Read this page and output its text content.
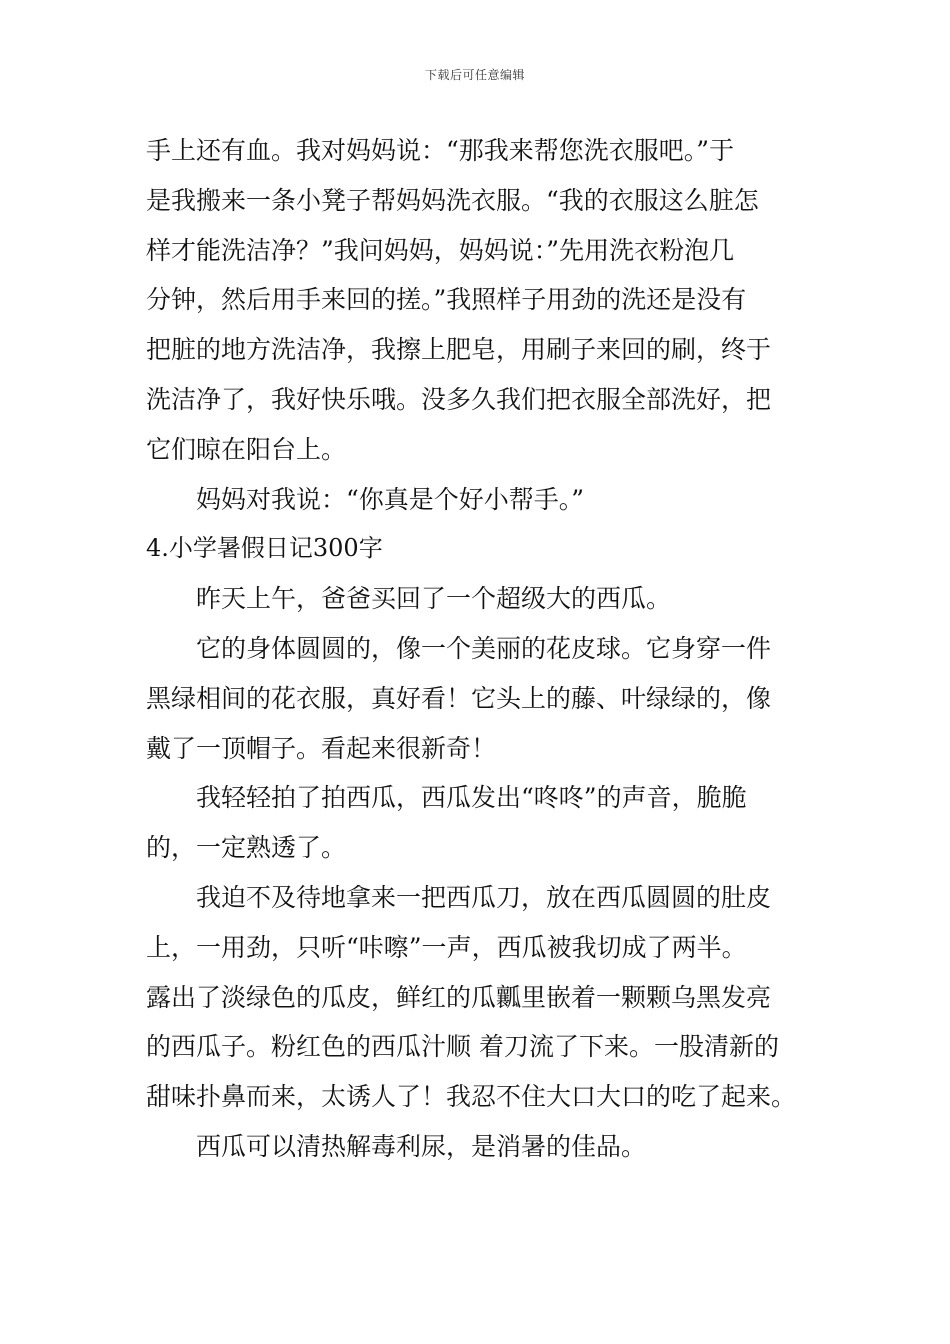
下载后可任意编辑

手上还有血。我对妈妈说：“那我来帮您洗衣服吧。”于

是我搬来一条小凳子帮妈妈洗衣服。“我的衣服这么脏怎

样才能洗洁净？”我问妈妈，妈妈说：”先用洗衣粉泡几

分钟，然后用手来回的搓。”我照样子用劲的洗还是没有

把脏的地方洗洁净，我擦上肥皂，用刷子来回的刷，终于

洗洁净了，我好快乐哦。没多久我们把衣服全部洗好，把

它们晾在阳台上。

妈妈对我说：“你真是个好小帮手。”

4.小学暑假日记300字

昨天上午，爸爸买回了一个超级大的西瓜。

它的身体圆圆的，像一个美丽的花皮球。它身穿一件

黑绿相间的花衣服，真好看！它头上的藤、叶绿绿的，像

戴了一顶帽子。看起来很新奇！

我轻轻拍了拍西瓜，西瓜发出“咚咚”的声音，脆脆

的，一定熟透了。

我迫不及待地拿来一把西瓜刀，放在西瓜圆圆的肚皮

上，一用劲，只听“咔嚓”一声，西瓜被我切成了两半。

露出了淡绿色的瓜皮，鲜红的瓜瓤里嵌着一颗颗乌黑发亮

的西瓜子。粉红色的西瓜汁顺 着刀流了下来。一股清新的

甜味扑鼻而来，太诱人了！我忍不住大口大口的吃了起来。

西瓜可以清热解毒利尿，是消暑的佳品。
